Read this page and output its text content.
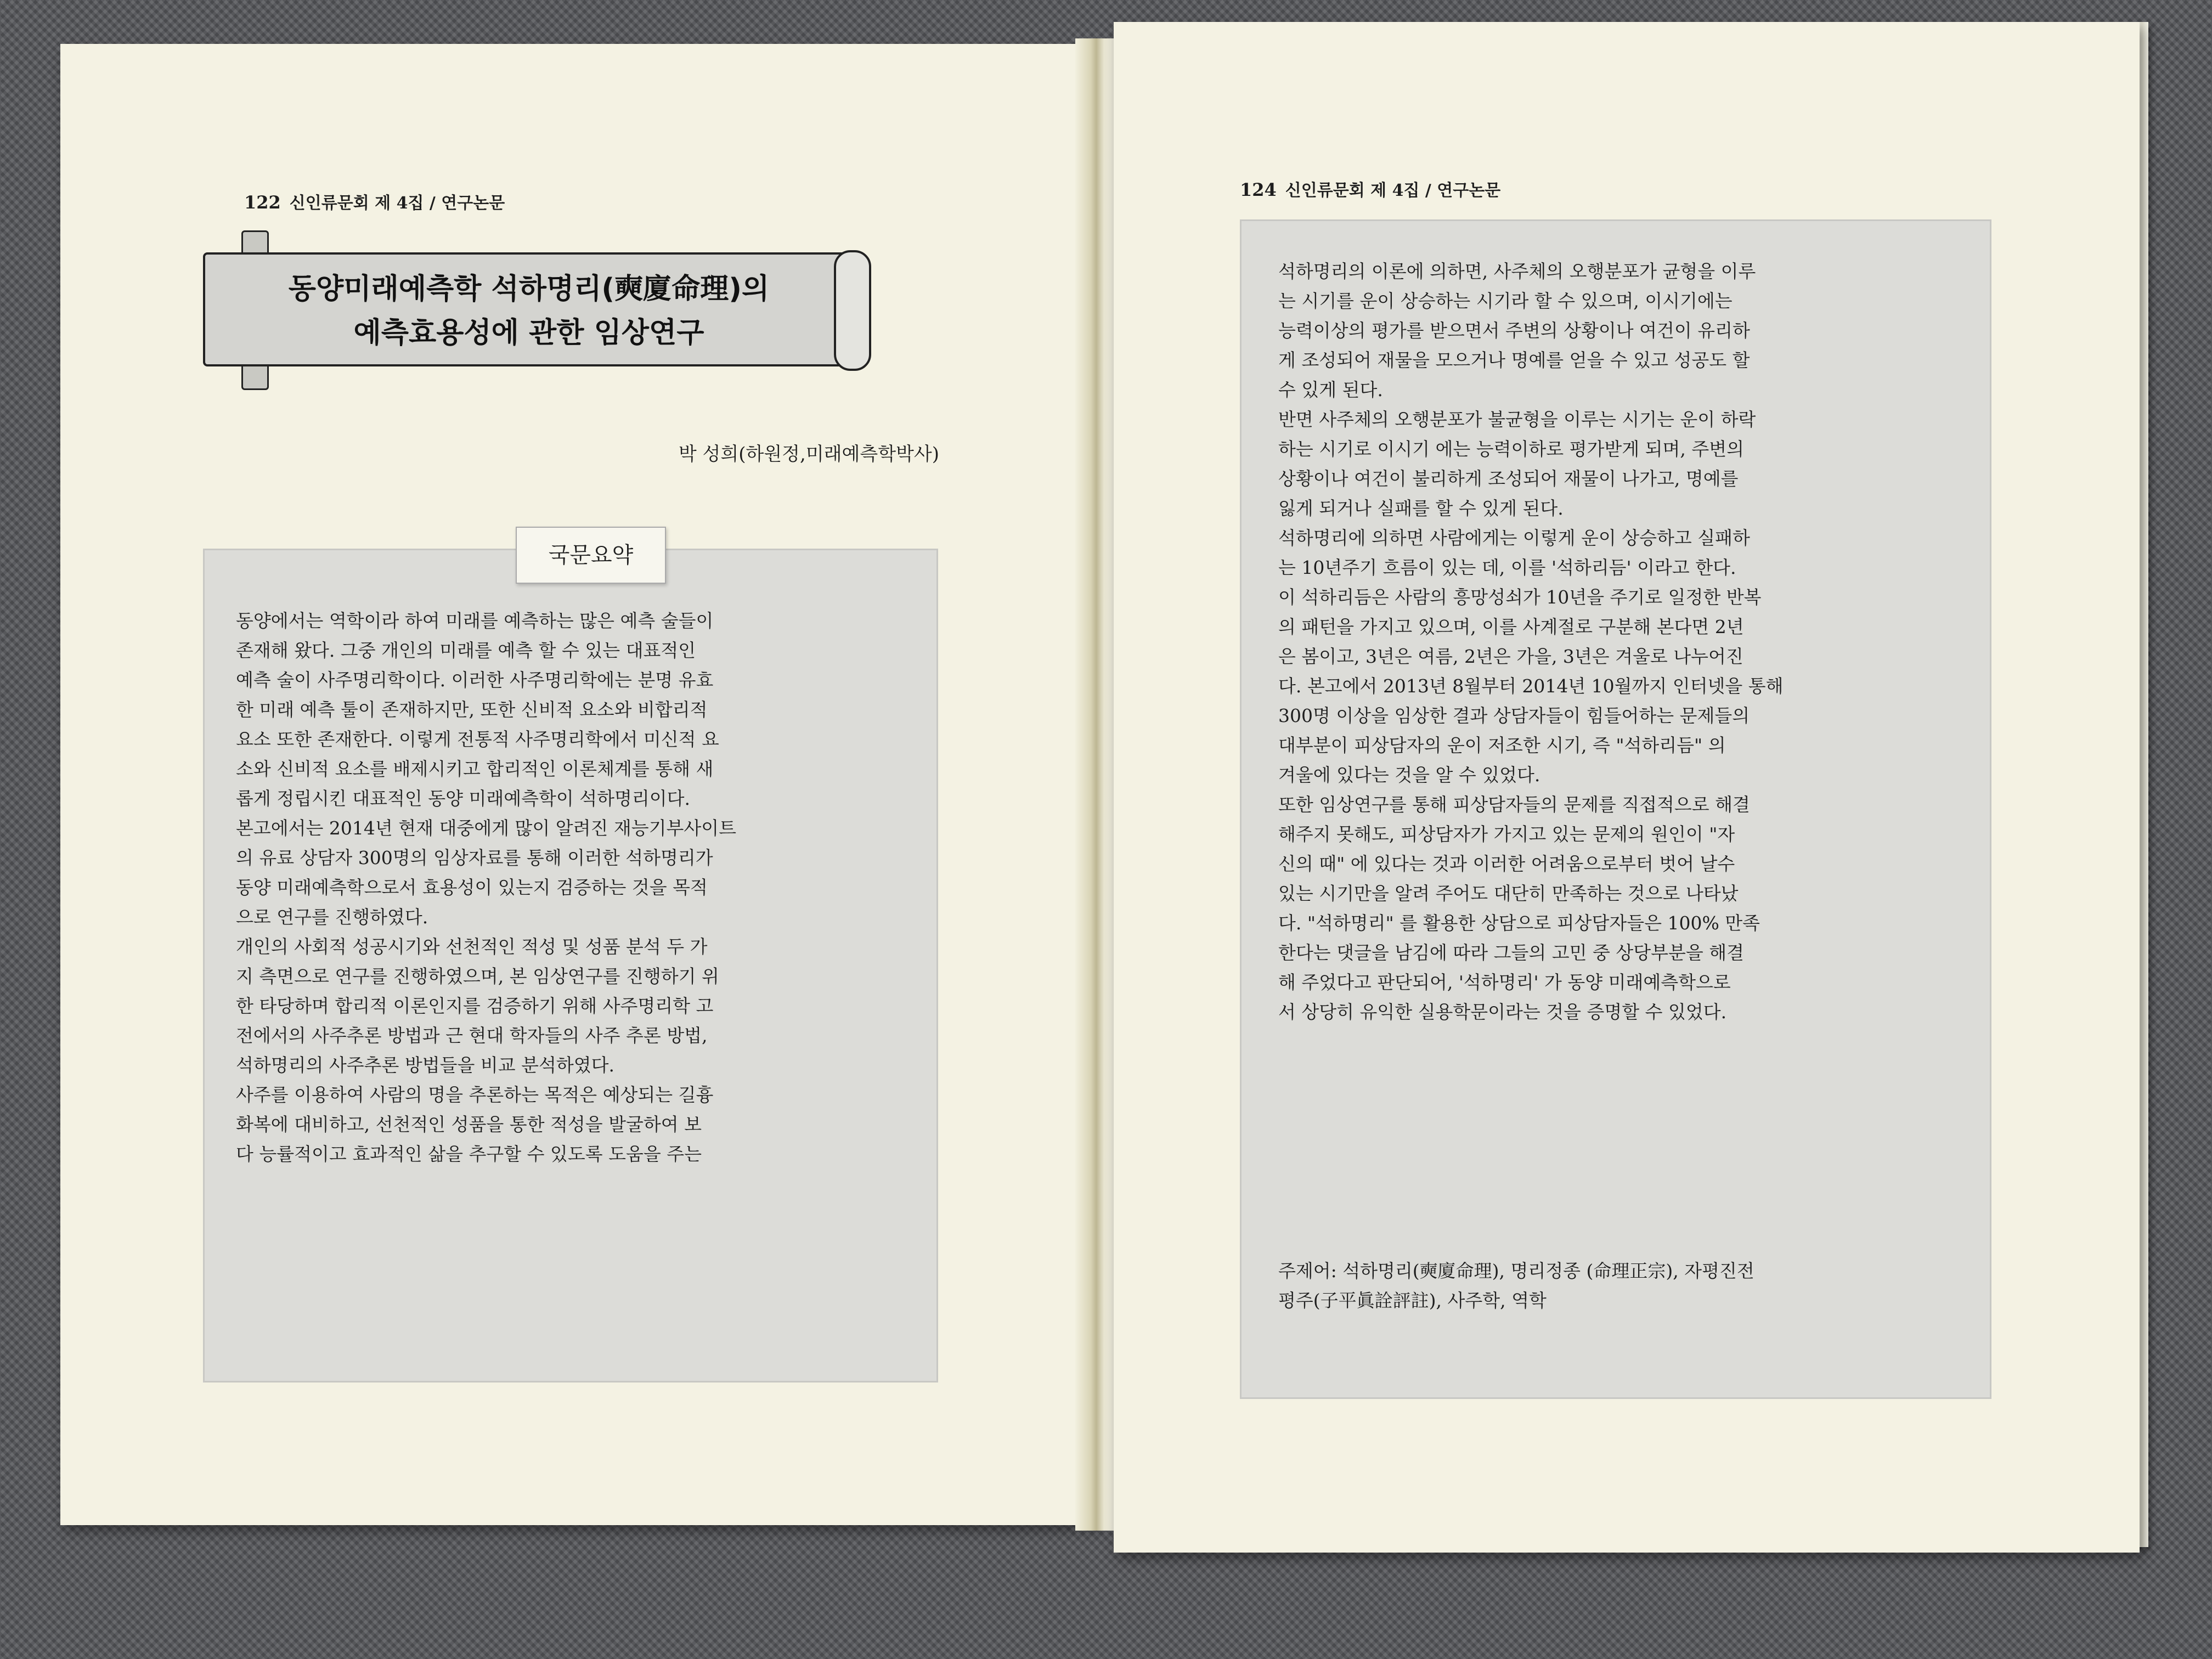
122 신인류문회 제 4집 / 연구논문
동양미래예측학 석하명리(奭廈命理)의
예측효용성에 관한 임상연구
박 성희(하원정,미래예측학박사)
국문요약
동양에서는 역학이라 하여 미래를 예측하는 많은 예측 술들이
존재해 왔다. 그중 개인의 미래를 예측 할 수 있는 대표적인
예측 술이 사주명리학이다. 이러한 사주명리학에는 분명 유효
한 미래 예측 툴이 존재하지만, 또한 신비적 요소와 비합리적
요소 또한 존재한다. 이렇게 전통적 사주명리학에서 미신적 요
소와 신비적 요소를 배제시키고 합리적인 이론체계를 통해 새
롭게 정립시킨 대표적인 동양 미래예측학이 석하명리이다.
본고에서는 2014년 현재 대중에게 많이 알려진 재능기부사이트
의 유료 상담자 300명의 임상자료를 통해 이러한 석하명리가
동양 미래예측학으로서 효용성이 있는지 검증하는 것을 목적
으로 연구를 진행하였다.
개인의 사회적 성공시기와 선천적인 적성 및 성품 분석 두 가
지 측면으로 연구를 진행하였으며, 본 임상연구를 진행하기 위
한 타당하며 합리적 이론인지를 검증하기 위해 사주명리학 고
전에서의 사주추론 방법과 근 현대 학자들의 사주 추론 방법,
석하명리의 사주추론 방법들을 비교 분석하였다.
사주를 이용하여 사람의 명을 추론하는 목적은 예상되는 길흉
화복에 대비하고, 선천적인 성품을 통한 적성을 발굴하여 보
다 능률적이고 효과적인 삶을 추구할 수 있도록 도움을 주는
124 신인류문회 제 4집 / 연구논문
석하명리의 이론에 의하면, 사주체의 오행분포가 균형을 이루
는 시기를 운이 상승하는 시기라 할 수 있으며, 이시기에는
능력이상의 평가를 받으면서 주변의 상황이나 여건이 유리하
게 조성되어 재물을 모으거나 명예를 얻을 수 있고 성공도 할
수 있게 된다.
반면 사주체의 오행분포가 불균형을 이루는 시기는 운이 하락
하는 시기로 이시기 에는 능력이하로 평가받게 되며, 주변의
상황이나 여건이 불리하게 조성되어 재물이 나가고, 명예를
잃게 되거나 실패를 할 수 있게 된다.
석하명리에 의하면 사람에게는 이렇게 운이 상승하고 실패하
는 10년주기 흐름이 있는 데, 이를 '석하리듬' 이라고 한다.
이 석하리듬은 사람의 흥망성쇠가 10년을 주기로 일정한 반복
의 패턴을 가지고 있으며, 이를 사계절로 구분해 본다면 2년
은 봄이고, 3년은 여름, 2년은 가을, 3년은 겨울로 나누어진
다. 본고에서 2013년 8월부터 2014년 10월까지 인터넷을 통해
300명 이상을 임상한 결과 상담자들이 힘들어하는 문제들의
대부분이 피상담자의 운이 저조한 시기, 즉 "석하리듬" 의
겨울에 있다는 것을 알 수 있었다.
또한 임상연구를 통해 피상담자들의 문제를 직접적으로 해결
해주지 못해도, 피상담자가 가지고 있는 문제의 원인이 "자
신의 때" 에 있다는 것과 이러한 어려움으로부터 벗어 날수
있는 시기만을 알려 주어도 대단히 만족하는 것으로 나타났
다. "석하명리" 를 활용한 상담으로 피상담자들은 100% 만족
한다는 댓글을 남김에 따라 그들의 고민 중 상당부분을 해결
해 주었다고 판단되어, '석하명리' 가 동양 미래예측학으로
서 상당히 유익한 실용학문이라는 것을 증명할 수 있었다.
주제어: 석하명리(奭廈命理), 명리정종 (命理正宗), 자평진전
평주(子平眞詮評註), 사주학, 역학
